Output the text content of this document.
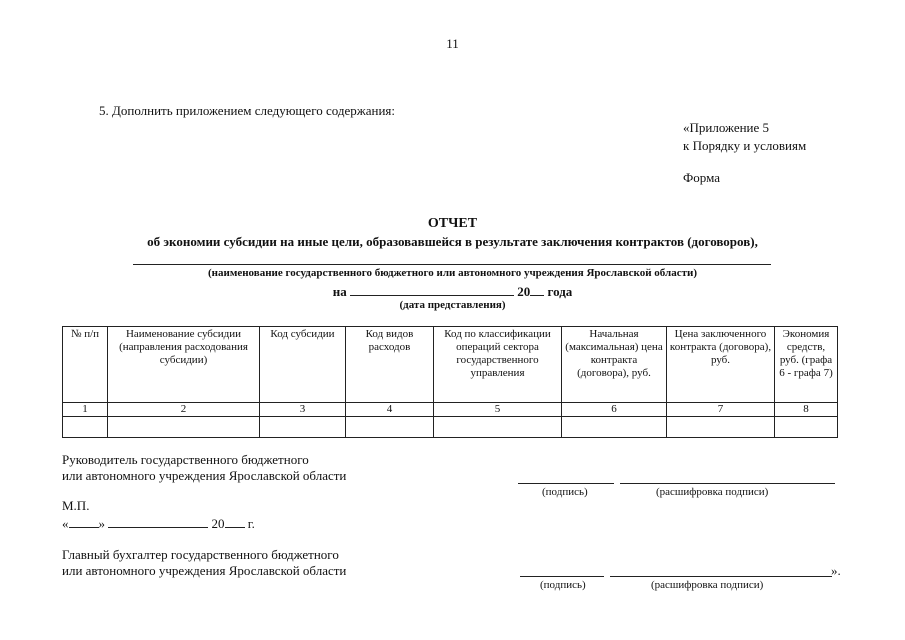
11
5. Дополнить приложением следующего содержания:
«Приложение 5
к Порядку и условиям
Форма
ОТЧЕТ
об экономии субсидии на иные цели, образовавшейся в результате заключения контрактов (договоров),
(наименование государственного бюджетного или автономного учреждения Ярославской области)
на	20 года
(дата представления)
№ п/п	Наименование субсидии (направления расходования субсидии)	Код субсидии	Код видов расходов	Код по классификации операций сектора государственного управления	Начальная (максимальная) цена контракта (договора), руб.	Цена заключенного контракта (договора), руб.	Экономия средств, руб. (графа 6 - графа 7)
1	2	3	4	5	6	7	8

Руководитель государственного бюджетного
или автономного учреждения Ярославской области
(подпись)	(расшифровка подписи)
М.П.
« »	20 г.
Главный бухгалтер государственного бюджетного
или автономного учреждения Ярославской области	».
(подпись)	(расшифровка подписи)
